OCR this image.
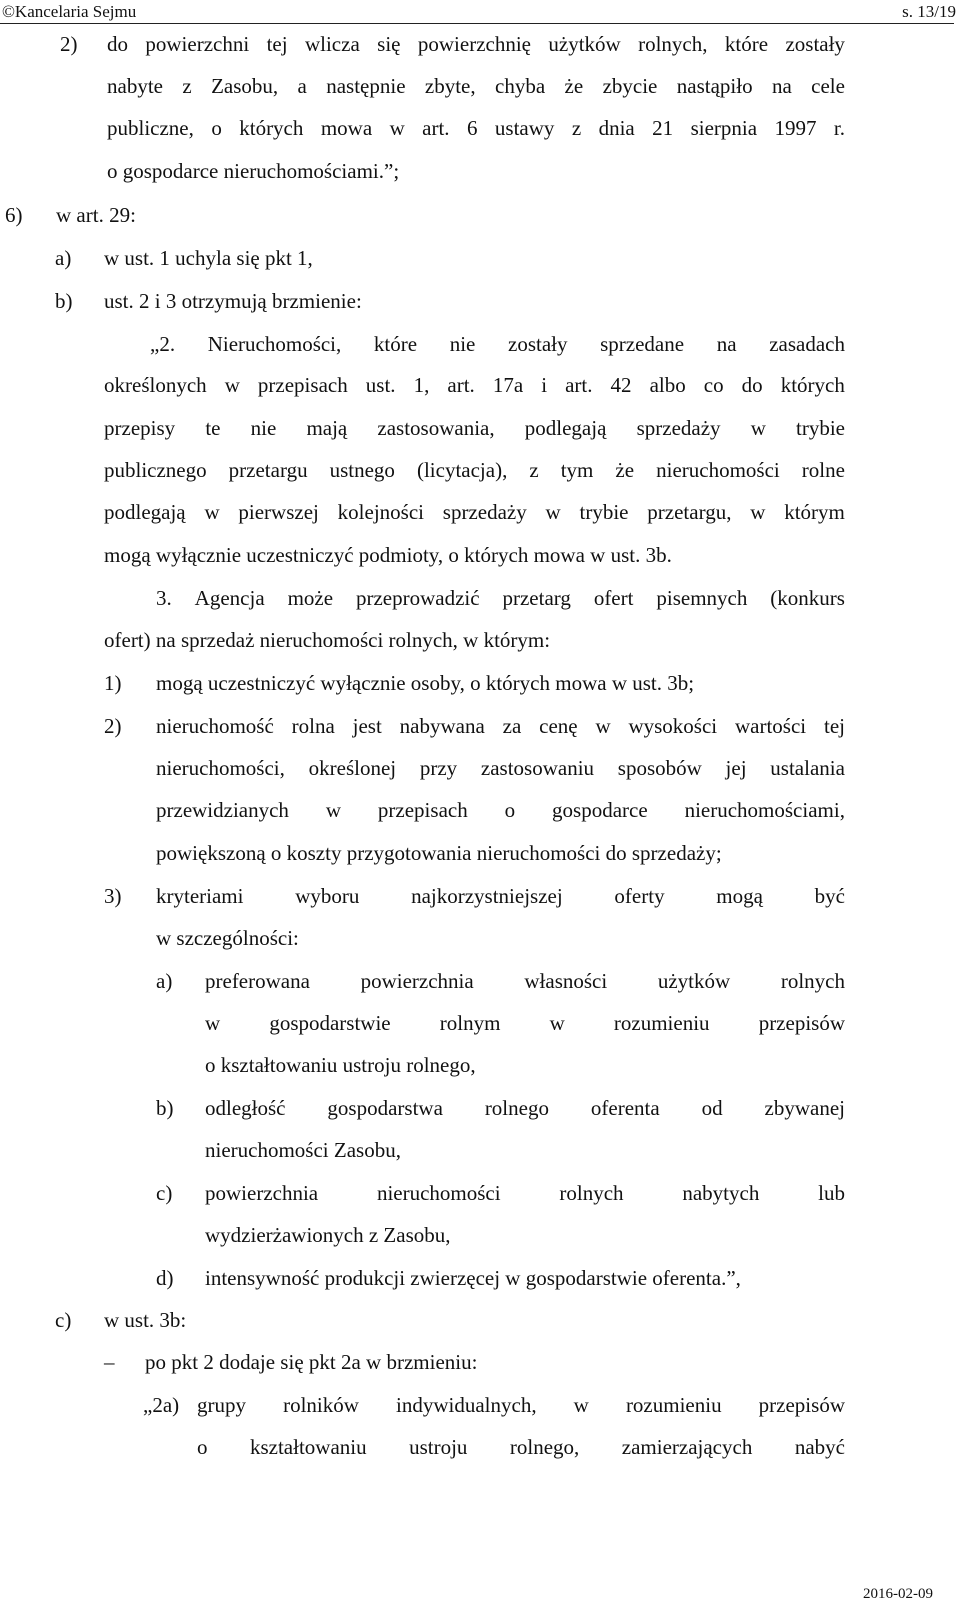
©Kancelaria Sejmu	s. 13/19
2) do powierzchni tej wlicza się powierzchnię użytków rolnych, które zostały
nabyte z Zasobu, a następnie zbyte, chyba że zbycie nastąpiło na cele
publiczne, o których mowa w art. 6 ustawy z dnia 21 sierpnia 1997 r.
o gospodarce nieruchomościami.”;
6) w art. 29:
a) w ust. 1 uchyla się pkt 1,
b) ust. 2 i 3 otrzymują brzmienie:
„2. Nieruchomości, które nie zostały sprzedane na zasadach
określonych w przepisach ust. 1, art. 17a i art. 42 albo co do których
przepisy te nie mają zastosowania, podlegają sprzedaży w trybie
publicznego przetargu ustnego (licytacja), z tym że nieruchomości rolne
podlegają w pierwszej kolejności sprzedaży w trybie przetargu, w którym
mogą wyłącznie uczestniczyć podmioty, o których mowa w ust. 3b.
3. Agencja może przeprowadzić przetarg ofert pisemnych (konkurs
ofert) na sprzedaż nieruchomości rolnych, w którym:
1) mogą uczestniczyć wyłącznie osoby, o których mowa w ust. 3b;
2) nieruchomość rolna jest nabywana za cenę w wysokości wartości tej
nieruchomości, określonej przy zastosowaniu sposobów jej ustalania
przewidzianych w przepisach o gospodarce nieruchomościami,
powiększoną o koszty przygotowania nieruchomości do sprzedaży;
3) kryteriami wyboru najkorzystniejszej oferty mogą być
w szczególności:
a) preferowana powierzchnia własności użytków rolnych
w gospodarstwie rolnym w rozumieniu przepisów
o kształtowaniu ustroju rolnego,
b) odległość gospodarstwa rolnego oferenta od zbywanej
nieruchomości Zasobu,
c) powierzchnia	nieruchomości	rolnych	nabytych	lub
wydzierżawionych z Zasobu,
d) intensywność produkcji zwierzęcej w gospodarstwie oferenta.”,
c) w ust. 3b:
– po pkt 2 dodaje się pkt 2a w brzmieniu:
„2a) grupy rolników indywidualnych, w rozumieniu przepisów
o kształtowaniu ustroju rolnego, zamierzających nabyć
2016-02-09
